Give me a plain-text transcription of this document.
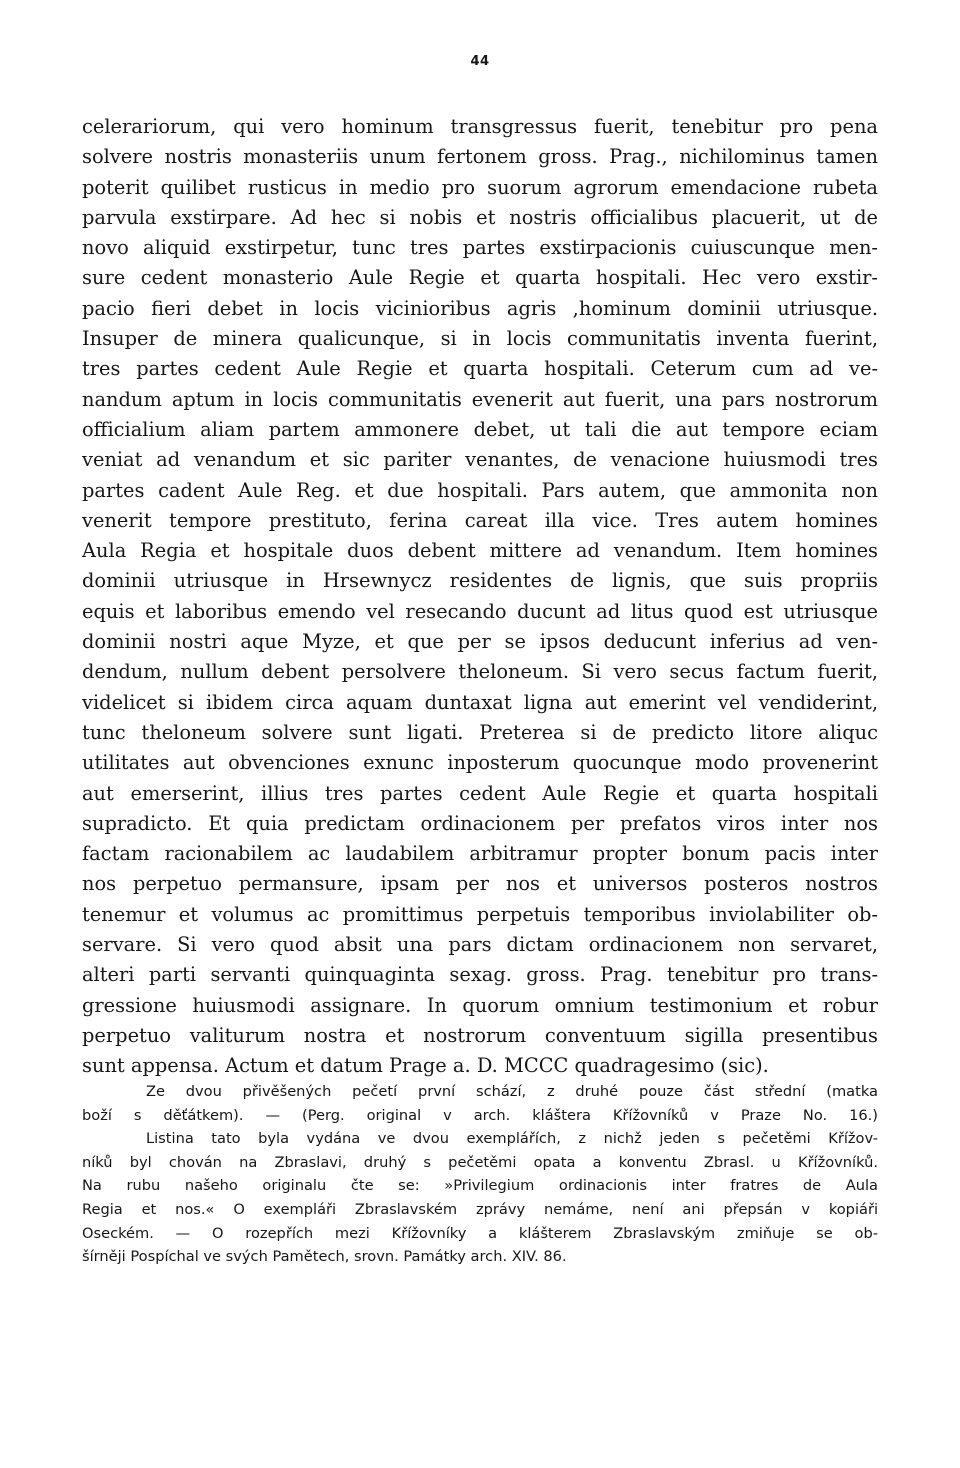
44
celerariorum, qui vero hominum transgressus fuerit, tenebitur pro pena
solvere nostris monasteriis unum fertonem gross. Prag., nichilominus tamen
poterit quilibet rusticus in medio pro suorum agrorum emendacione rubeta
parvula exstirpare. Ad hec si nobis et nostris officialibus placuerit, ut de
novo aliquid exstirpetur, tunc tres partes exstirpacionis cuiuscunque men-
sure cedent monasterio Aule Regie et quarta hospitali. Hec vero exstir-
pacio fieri debet in locis vicinioribus agris ,hominum dominii utriusque.
Insuper de minera qualicunque, si in locis communitatis inventa fuerint,
tres partes cedent Aule Regie et quarta hospitali. Ceterum cum ad ve-
nandum aptum in locis communitatis evenerit aut fuerit, una pars nostrorum
officialium aliam partem ammonere debet, ut tali die aut tempore eciam
veniat ad venandum et sic pariter venantes, de venacione huiusmodi tres
partes cadent Aule Reg. et due hospitali. Pars autem, que ammonita non
venerit tempore prestituto, ferina careat illa vice. Tres autem homines
Aula Regia et hospitale duos debent mittere ad venandum. Item homines
dominii utriusque in Hrsewnycz residentes de lignis, que suis propriis
equis et laboribus emendo vel resecando ducunt ad litus quod est utriusque
dominii nostri aque Myze, et que per se ipsos deducunt inferius ad ven-
dendum, nullum debent persolvere theloneum. Si vero secus factum fuerit,
videlicet si ibidem circa aquam duntaxat ligna aut emerint vel vendiderint,
tunc theloneum solvere sunt ligati. Preterea si de predicto litore aliquc
utilitates aut obvenciones exnunc inposterum quocunque modo provenerint
aut emerserint, illius tres partes cedent Aule Regie et quarta hospitali
supradicto. Et quia predictam ordinacionem per prefatos viros inter nos
factam racionabilem ac laudabilem arbitramur propter bonum pacis inter
nos perpetuo permansure, ipsam per nos et universos posteros nostros
tenemur et volumus ac promittimus perpetuis temporibus inviolabiliter ob-
servare. Si vero quod absit una pars dictam ordinacionem non servaret,
alteri parti servanti quinquaginta sexag. gross. Prag. tenebitur pro trans-
gressione huiusmodi assignare. In quorum omnium testimonium et robur
perpetuo valiturum nostra et nostrorum conventuum sigilla presentibus
sunt appensa. Actum et datum Prage a. D. MCCC quadragesimo (sic).
Ze dvou přivěšených pečetí první schází, z druhé pouze část střední (matka
boží s děťátkem). — (Perg. original v arch. kláštera Křížovníků v Praze No. 16.)
Listina tato byla vydána ve dvou exemplářích, z nichž jeden s pečetěmi Křížov-
níků byl chován na Zbraslavi, druhý s pečetěmi opata a konventu Zbrasl. u Křížovníků.
Na rubu našeho originalu čte se: »Privilegium ordinacionis inter fratres de Aula
Regia et nos.« O exempláři Zbraslavském zprávy nemáme, není ani přepsán v kopiáři
Oseckém. — O rozepřích mezi Křížovníky a klášterem Zbraslavským zmiňuje se ob-
šírněji Pospíchal ve svých Pamětech, srovn. Památky arch. XIV. 86.
